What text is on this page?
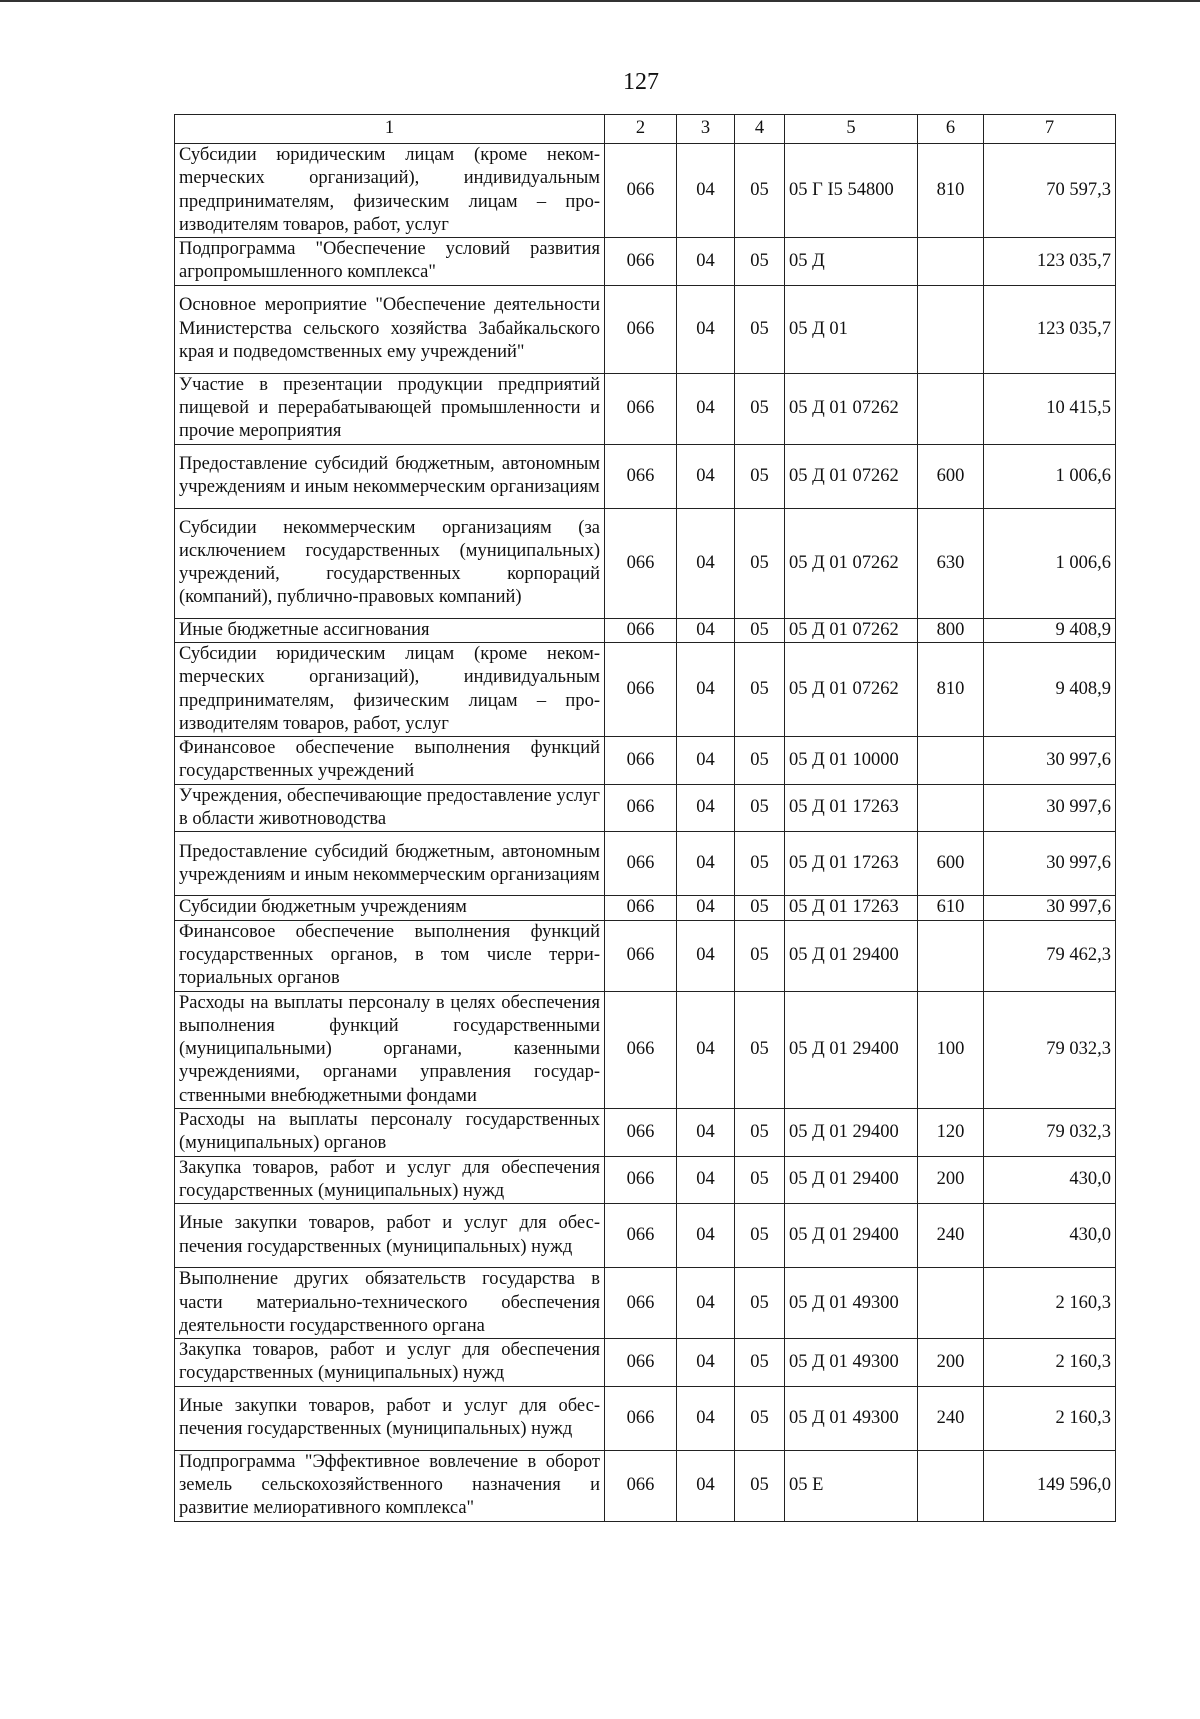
127
1	2	3	4	5	6	7
Субсидии юридическим лицам (кроме некомmерческих организаций), индивидуальным предпринимателям, физическим лицам – производителям товаров, работ, услуг	066	04	05	05 Г I5 54800	810	70 597,3
Подпрограмма "Обеспечение условий развития агропромышленного комплекса"	066	04	05	05 Д		123 035,7
Основное мероприятие "Обеспечение деятельности Министерства сельского хозяйства Забайкальского края и подведомственных ему учреждений"	066	04	05	05 Д 01		123 035,7
Участие в презентации продукции предприятий пищевой и перерабатывающей промышленности и прочие мероприятия	066	04	05	05 Д 01 07262		10 415,5
Предоставление субсидий бюджетным, автономным учреждениям и иным некоммерческим организациям	066	04	05	05 Д 01 07262	600	1 006,6
Субсидии некоммерческим организациям (за исключением государственных (муниципальных) учреждений, государственных корпораций (компаний), публично-правовых компаний)	066	04	05	05 Д 01 07262	630	1 006,6
Иные бюджетные ассигнования	066	04	05	05 Д 01 07262	800	9 408,9
Субсидии юридическим лицам (кроме некомmерческих организаций), индивидуальным предпринимателям, физическим лицам – производителям товаров, работ, услуг	066	04	05	05 Д 01 07262	810	9 408,9
Финансовое обеспечение выполнения функций государственных учреждений	066	04	05	05 Д 01 10000		30 997,6
Учреждения, обеспечивающие предоставление услуг в области животноводства	066	04	05	05 Д 01 17263		30 997,6
Предоставление субсидий бюджетным, автономным учреждениям и иным некоммерческим организациям	066	04	05	05 Д 01 17263	600	30 997,6
Субсидии бюджетным учреждениям	066	04	05	05 Д 01 17263	610	30 997,6
Финансовое обеспечение выполнения функций государственных органов, в том числе территориальных органов	066	04	05	05 Д 01 29400		79 462,3
Расходы на выплаты персоналу в целях обеспечения выполнения функций государственными (муниципальными) органами, казенными учреждениями, органами управления государственными внебюджетными фондами	066	04	05	05 Д 01 29400	100	79 032,3
Расходы на выплаты персоналу государственных (муниципальных) органов	066	04	05	05 Д 01 29400	120	79 032,3
Закупка товаров, работ и услуг для обеспечения государственных (муниципальных) нужд	066	04	05	05 Д 01 29400	200	430,0
Иные закупки товаров, работ и услуг для обеспечения государственных (муниципальных) нужд	066	04	05	05 Д 01 29400	240	430,0
Выполнение других обязательств государства в части материально-технического обеспечения деятельности государственного органа	066	04	05	05 Д 01 49300		2 160,3
Закупка товаров, работ и услуг для обеспечения государственных (муниципальных) нужд	066	04	05	05 Д 01 49300	200	2 160,3
Иные закупки товаров, работ и услуг для обеспечения государственных (муниципальных) нужд	066	04	05	05 Д 01 49300	240	2 160,3
Подпрограмма "Эффективное вовлечение в оборот земель сельскохозяйственного назначения и развитие мелиоративного комплекса"	066	04	05	05 Е		149 596,0
